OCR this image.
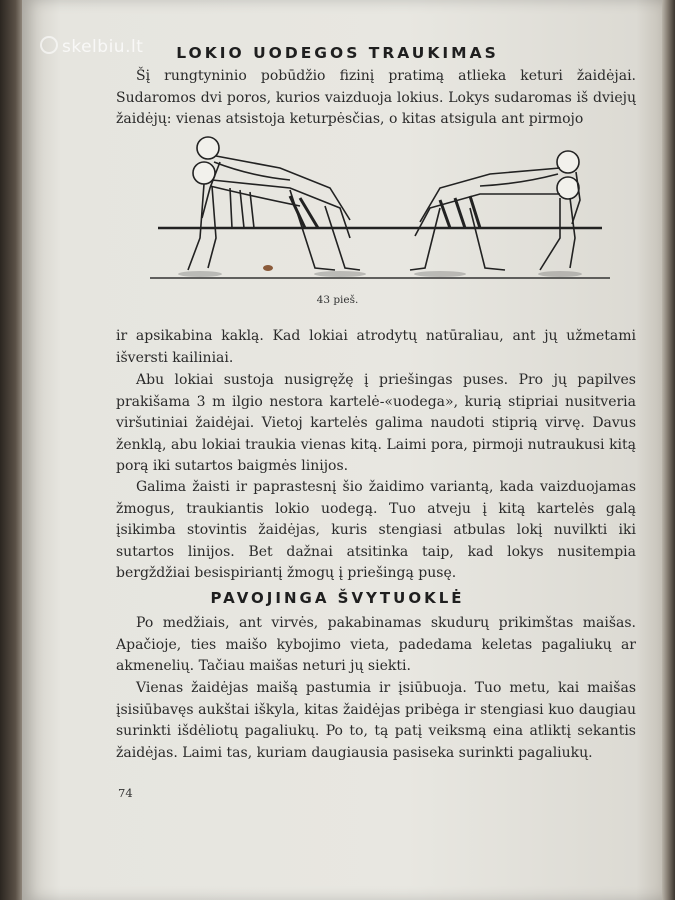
skelbiu.lt	LOKIO UODEGOS TRAUKIMAS

Šį rungtyninio pobūdžio fizinį pratimą atlieka keturi žaidėjai. Sudaromos dvi poros, kurios vaizduoja lokius. Lokys sudaromas iš dviejų žaidėjų: vienas atsistoja keturpėsčias, o kitas atsigula ant pirmojo

43 pieš.

ir apsikabina kaklą. Kad lokiai atrodytų natūraliau, ant jų užmetami išversti kailiniai.

Abu lokiai sustoja nusigręžę į priešingas puses. Pro jų papilves prakišama 3 m ilgio nestora kartelė-«uodega», kurią stipriai nusitveria viršutiniai žaidėjai. Vietoj kartelės galima naudoti stiprią virvę. Davus ženklą, abu lokiai traukia vienas kitą. Laimi pora, pirmoji nutraukusi kitą porą iki sutartos baigmės linijos.

Galima žaisti ir paprastesnį šio žaidimo variantą, kada vaizduojamas žmogus, traukiantis lokio uodegą. Tuo atveju į kitą kartelės galą įsikimba stovintis žaidėjas, kuris stengiasi atbulas lokį nuvilkti iki sutartos linijos. Bet dažnai atsitinka taip, kad lokys nusitempia bergždžiai besispiriantį žmogų į priešingą pusę.

PAVOJINGA ŠVYTUOKLĖ

Po medžiais, ant virvės, pakabinamas skudurų prikimštas maišas. Apačioje, ties maišo kybojimo vieta, padedama keletas pagaliukų ar akmenelių. Tačiau maišas neturi jų siekti.

Vienas žaidėjas maišą pastumia ir įsiūbuoja. Tuo metu, kai maišas įsisiūbavęs aukštai iškyla, kitas žaidėjas pribėga ir stengiasi kuo daugiau surinkti išdėliotų pagaliukų. Po to, tą patį veiksmą eina atliktį sekantis žaidėjas. Laimi tas, kuriam daugiausia pasiseka surinkti pagaliukų.

74
